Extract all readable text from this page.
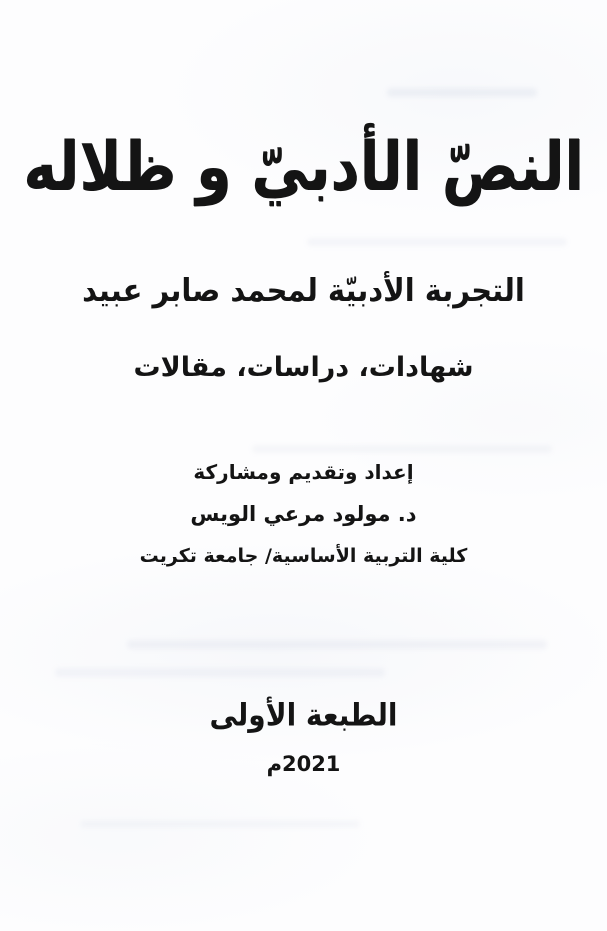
النصّ الأدبيّ و ظلاله
التجربة الأدبيّة لمحمد صابر عبيد
شهادات، دراسات، مقالات
إعداد وتقديم ومشاركة
د. مولود مرعي الويس
كلية التربية الأساسية/ جامعة تكريت
الطبعة الأولى
2021م
